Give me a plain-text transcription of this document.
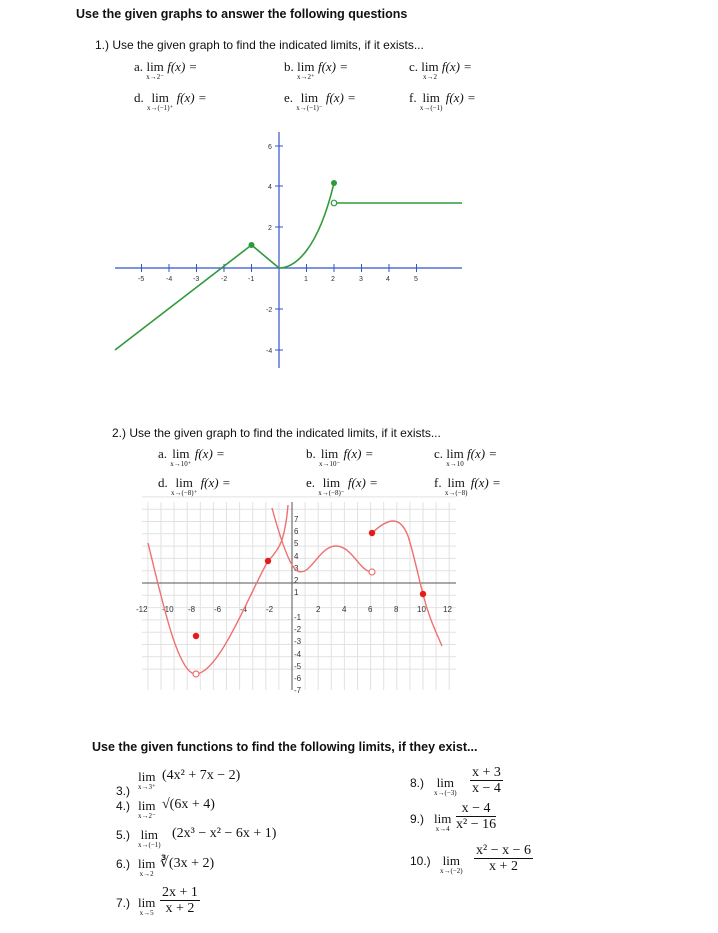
Use the given graphs to answer the following questions
1.) Use the given graph to find the indicated limits, if it exists...
a. lim
x→2⁻
f(x) =	b. lim
x→2⁺
f(x) =	c. lim
x→2
f(x) =
d. lim
x→(−1)⁺
f(x) =	e. lim
x→(−1)⁻
f(x) =	f. lim
x→(−1)
f(x) =
-5	-4	-3	-2	-1	1	2	3	4	5
6
4
2
-2
-4
2.) Use the given graph to find the indicated limits, if it exists...
a. lim
x→10⁺
f(x) =	b. lim
x→10⁻
f(x) =	c. lim
x→10
f(x) =
d. lim
x→(−8)⁺
f(x) =	e. lim
x→(−8)⁻
f(x) =	f. lim
x→(−8)
f(x) =
-12 -10 -8 -6 -4 -2	2	4	6	8 10 12
7
6
5
4
3
2
1
-1
-2
-3
-4
-5
-6
-7
Use the given functions to find the following limits, if they exist...
3.)
lim
x→3⁺
(4x² + 7x − 2)
4.) lim
x→2⁻
√(6x + 4)
5.) lim
x→(−1)
(2x³ − x² − 6x + 1)
6.) lim
x→2
∛(3x + 2)
7.) lim
$x\to 5 \frac{2x + 1}{x + 2}$
8.) lim
$x\to(-3) \frac{x + 3}{x - 4}$
9.) lim
$x\to 4 \frac{x - 4}{\text{x² − 16}}$
10.) lim
$x\to(-2) \frac{\text{x² − x − 6}}{x + 2}$
